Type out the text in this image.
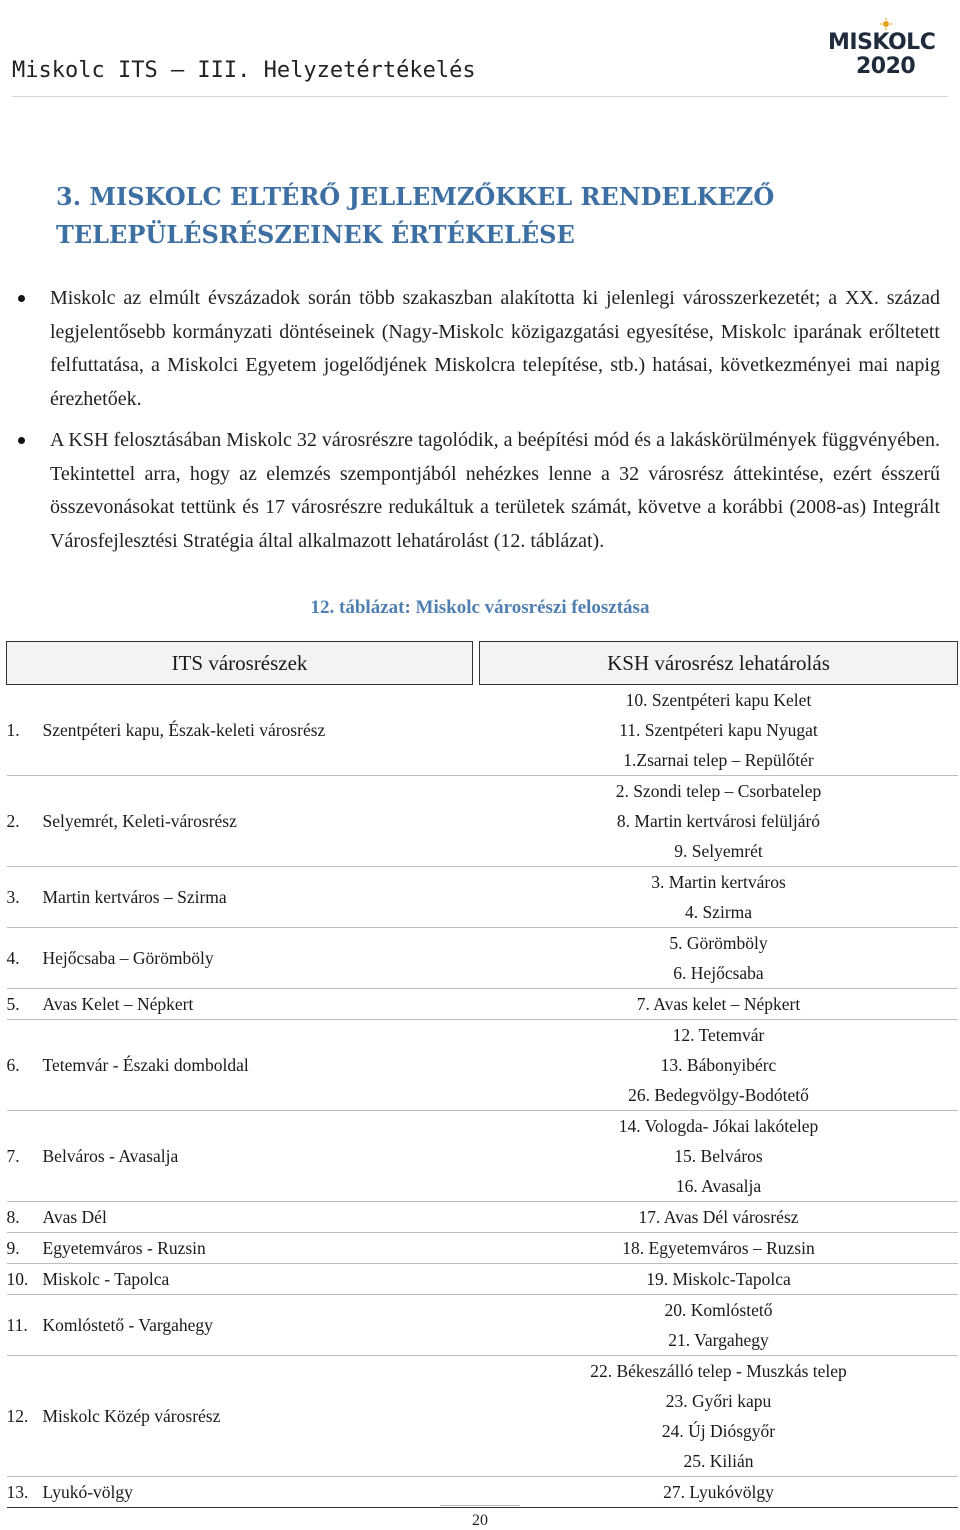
Miskolc ITS – III. Helyzetértékelés
MISKOLC
2020
3. MISKOLC ELTÉRŐ JELLEMZŐKKEL RENDELKEZŐ TELEPÜLÉSRÉSZEINEK ÉRTÉKELÉSE
Miskolc az elmúlt évszázadok során több szakaszban alakította ki jelenlegi városszerkezetét; a XX. század legjelentősebb kormányzati döntéseinek (Nagy-Miskolc közigazgatási egyesítése, Miskolc iparának erőltetett felfuttatása, a Miskolci Egyetem jogelődjének Miskolcra telepítése, stb.) hatásai, következményei mai napig érezhetőek.
A KSH felosztásában Miskolc 32 városrészre tagolódik, a beépítési mód és a lakáskörülmények függvényében. Tekintettel arra, hogy az elemzés szempontjából nehézkes lenne a 32 városrész áttekintése, ezért ésszerű összevonásokat tettünk és 17 városrészre redukáltuk a területek számát, követve a korábbi (2008-as) Integrált Városfejlesztési Stratégia által alkalmazott lehatárolást (12. táblázat).
12. táblázat: Miskolc városrészi felosztása
ITS városrészek		KSH városrész lehatárolás
1. Szentpéteri kapu, Észak-keleti városrész		10. Szentpéteri kapu Kelet
11. Szentpéteri kapu Nyugat
1.Zsarnai telep – Repülőtér

2. Selyemrét, Keleti-városrész		2. Szondi telep – Csorbatelep
8. Martin kertvárosi felüljáró
9. Selyemrét

3. Martin kertváros – Szirma		3. Martin kertváros
4. Szirma

4. Hejőcsaba – Görömböly		5. Görömböly
6. Hejőcsaba

5. Avas Kelet – Népkert		7. Avas kelet – Népkert

6. Tetemvár - Északi domboldal		12. Tetemvár
13. Bábonyibérc
26. Bedegvölgy-Bodótető

7. Belváros - Avasalja		14. Vologda- Jókai lakótelep
15. Belváros
16. Avasalja

8. Avas Dél		17. Avas Dél városrész

9. Egyetemváros - Ruzsin		18. Egyetemváros – Ruzsin

10. Miskolc - Tapolca		19. Miskolc-Tapolca

11. Komlóstető - Vargahegy		20. Komlóstető
21. Vargahegy

12. Miskolc Közép városrész		22. Békeszálló telep - Muszkás telep
23. Győri kapu
24. Új Diósgyőr
25. Kilián

13. Lyukó-völgy		27. Lyukóvölgy
20
